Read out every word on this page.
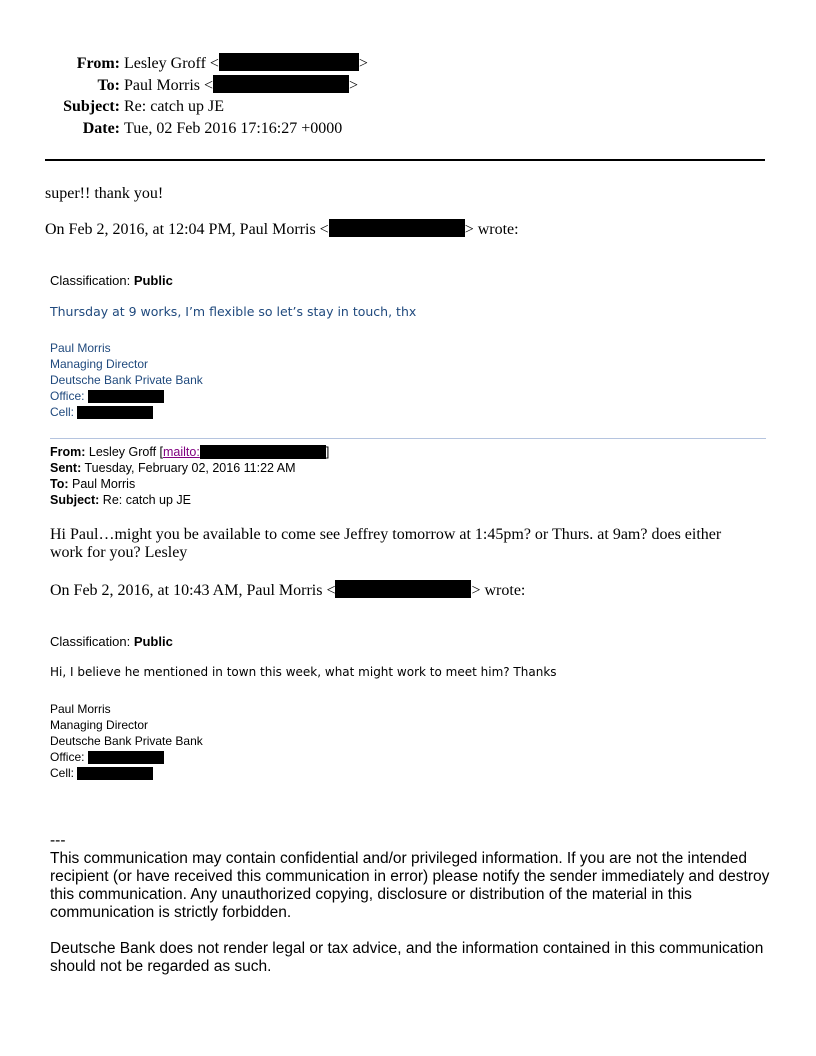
From: Lesley Groff <	>
To: Paul Morris <	>
Subject: Re: catch up JE
Date: Tue, 02 Feb 2016 17:16:27 +0000
super!! thank you!
On Feb 2, 2016, at 12:04 PM, Paul Morris <	> wrote:
Classification: Public
Thursday at 9 works, I’m flexible so let’s stay in touch, thx
Paul Morris
Managing Director
Deutsche Bank Private Bank
Office:
Cell:
From: Lesley Groff [mailto:	]
Sent: Tuesday, February 02, 2016 11:22 AM
To: Paul Morris
Subject: Re: catch up JE
Hi Paul…might you be available to come see Jeffrey tomorrow at 1:45pm? or Thurs. at 9am? does either work for you? Lesley
On Feb 2, 2016, at 10:43 AM, Paul Morris <	> wrote:
Classification: Public
Hi, I believe he mentioned in town this week, what might work to meet him? Thanks
Paul Morris
Managing Director
Deutsche Bank Private Bank
Office:
Cell:
---
This communication may contain confidential and/or privileged information. If you are not the intended recipient (or have received this communication in error) please notify the sender immediately and destroy this communication. Any unauthorized copying, disclosure or distribution of the material in this communication is strictly forbidden.
Deutsche Bank does not render legal or tax advice, and the information contained in this communication should not be regarded as such.
